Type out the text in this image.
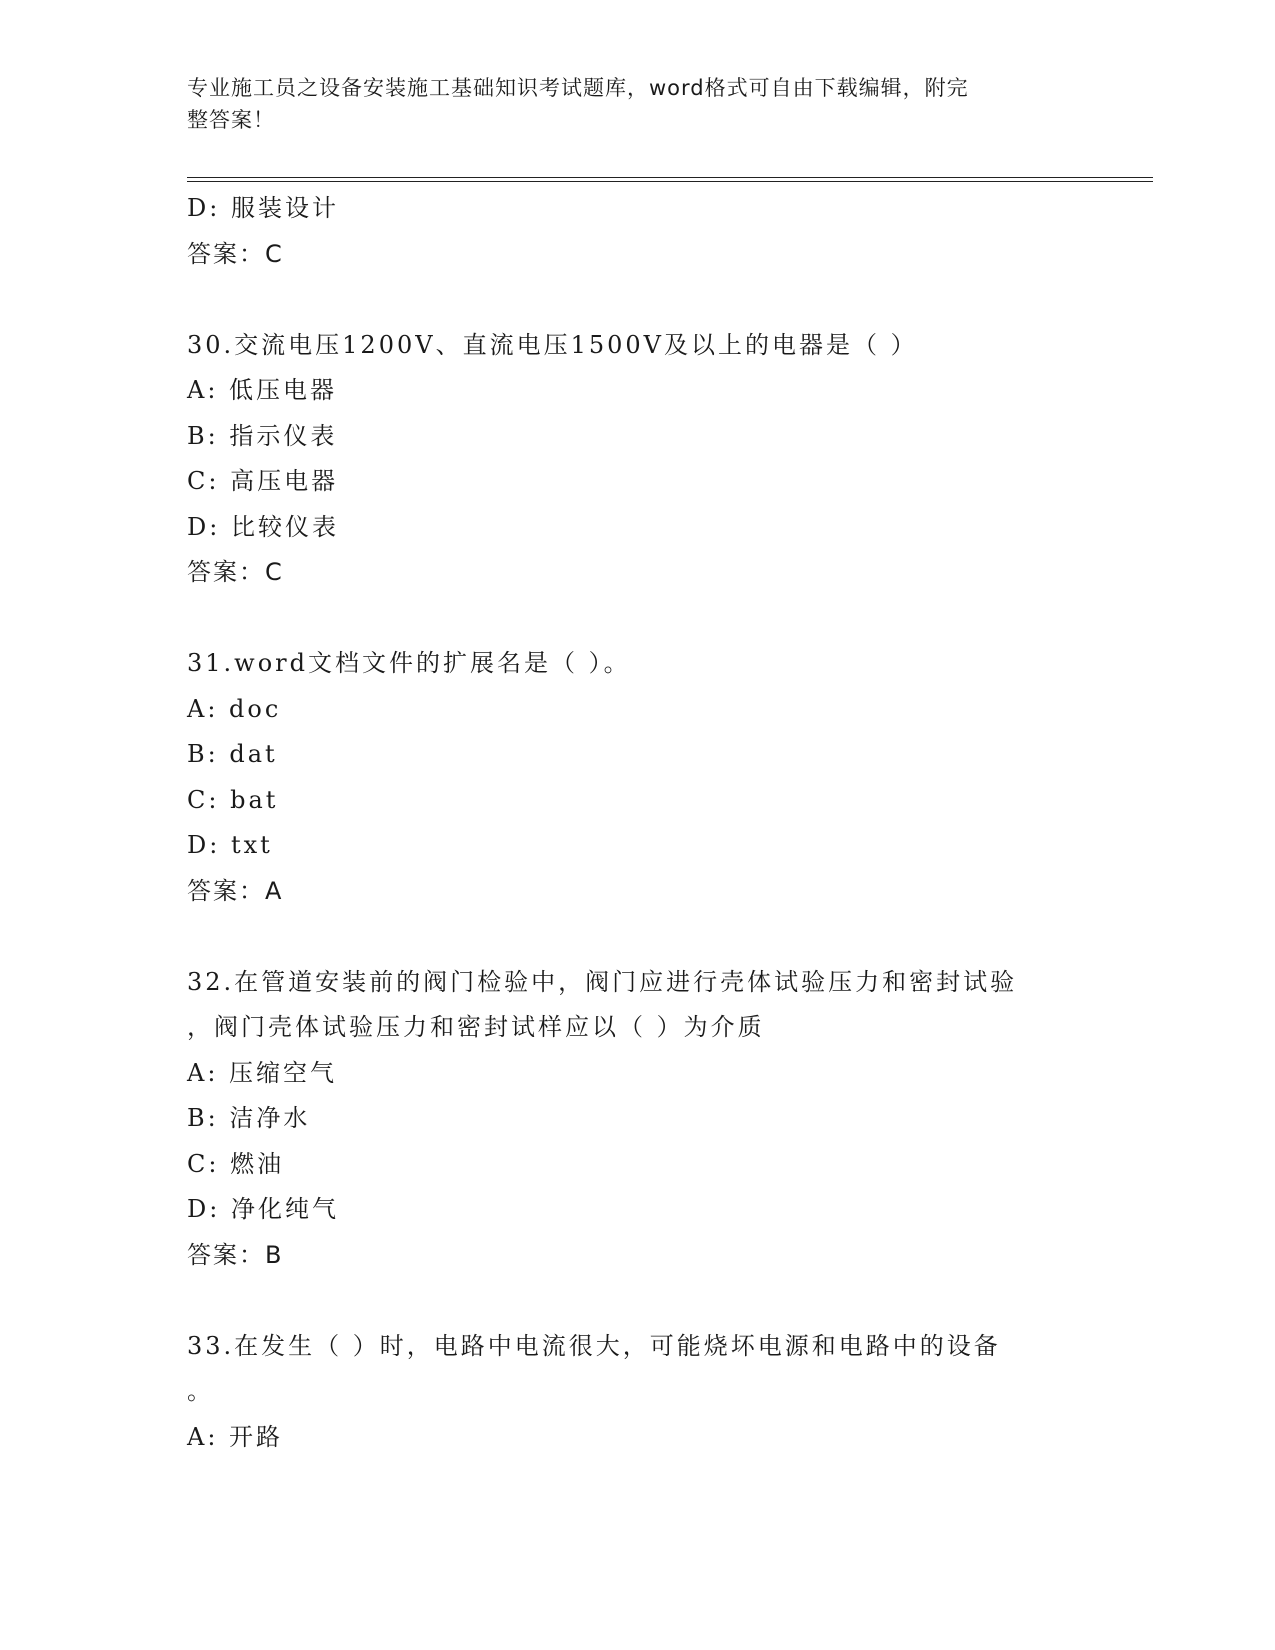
专业施工员之设备安装施工基础知识考试题库，word格式可自由下载编辑，附完
整答案！
D: 服装设计
答案：C
30.交流电压1200V、直流电压1500V及以上的电器是（ ）
A: 低压电器
B: 指示仪表
C: 高压电器
D: 比较仪表
答案：C
31.word文档文件的扩展名是（ ）。
A: doc
B: dat
C: bat
D: txt
答案：A
32.在管道安装前的阀门检验中，阀门应进行壳体试验压力和密封试验
，阀门壳体试验压力和密封试样应以（ ）为介质
A: 压缩空气
B: 洁净水
C: 燃油
D: 净化纯气
答案：B
33.在发生（ ）时，电路中电流很大，可能烧坏电源和电路中的设备
。
A: 开路
